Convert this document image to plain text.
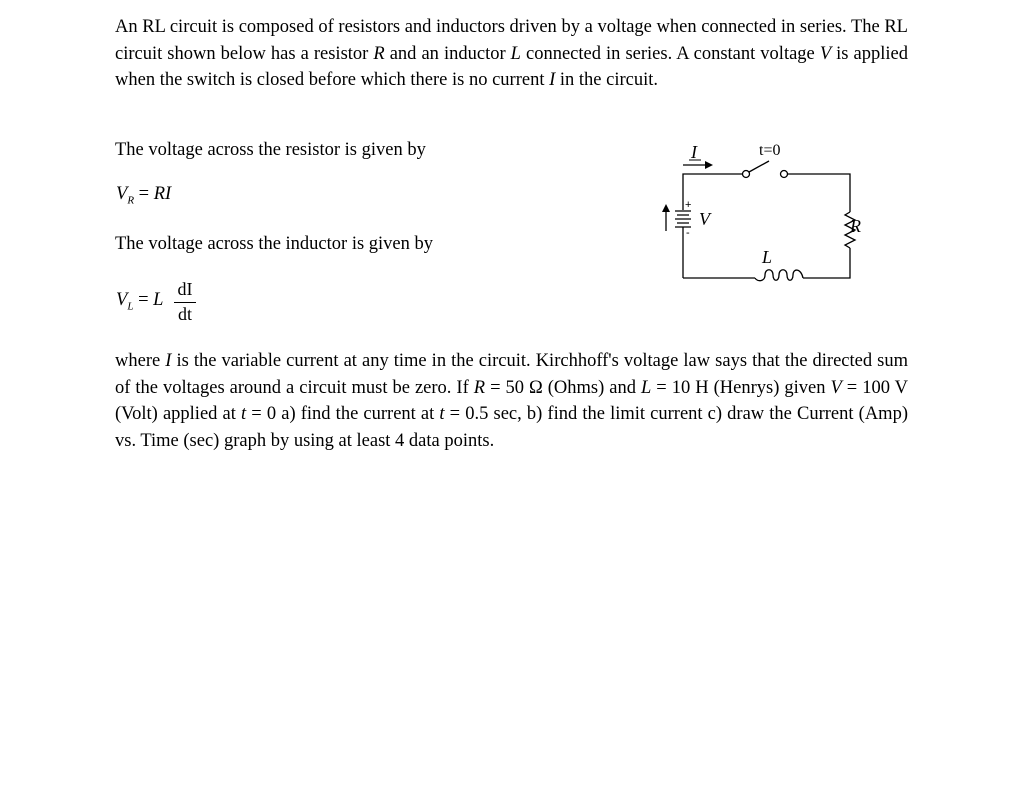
An RL circuit is composed of resistors and inductors driven by a voltage when connected in series. The RL circuit shown below has a resistor R and an inductor L connected in series. A constant voltage V is applied when the switch is closed before which there is no current I in the circuit.

The voltage across the resistor is given by

$V_R$ = RI

The voltage across the inductor is given by

$V_L = L$
dI
dt
I	t=0
+
-
V	R
L

where I is the variable current at any time in the circuit. Kirchhoff's voltage law says that the directed sum of the voltages around a circuit must be zero. If R = 50 Ω (Ohms) and L = 10 H (Henrys) given V = 100 V (Volt) applied at t = 0 a) find the current at t = 0.5 sec, b) find the limit current c) draw the Current (Amp) vs. Time (sec) graph by using at least 4 data points.
